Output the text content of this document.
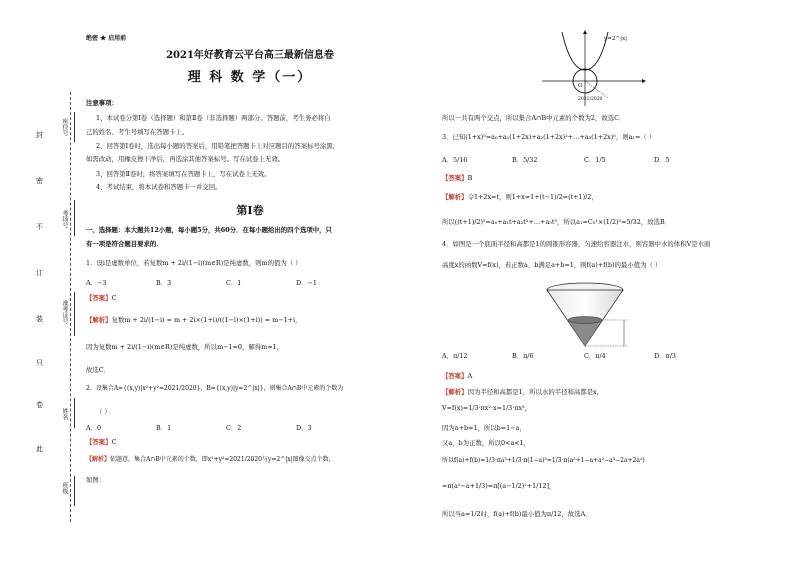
封
密
不
订
装
只
卷
此
座位号
考场号
准考证号
姓名
班级
绝密 ★ 启用前
2021年好教育云平台高三最新信息卷
理 科 数 学（一）
注意事项：
1、本试卷分第Ⅰ卷（选择题）和第Ⅱ卷（非选择题）两部分。答题前，考生务必将自
己的姓名、考生号填写在答题卡上。
2、回答第Ⅰ卷时，选出每小题的答案后，用铅笔把答题卡上对应题目的答案标号涂黑，
如需改动，用橡皮擦干净后，再选涂其他答案标号。写在试卷上无效。
3、回答第Ⅱ卷时，将答案填写在答题卡上，写在试卷上无效。
4、考试结束，将本试卷和答题卡一并交回。
第Ⅰ卷
一、选择题：本大题共12小题，每小题5分，共60分．在每小题给出的四个选项中，只
有一项是符合题目要求的．
1．设i是虚数单位，若复数m + 2i/(1−i)(m∈R)是纯虚数，则m的值为（ ）
A．−3	B．3	C．1	D．−1
【答案】C
【解析】复数m + 2i/(1−i) = m + 2i×(1+i)/((1−i)×(1+i)) = m−1+i，
因为复数m + 2i/(1−i)(m∈R)是纯虚数，所以m−1=0，解得m=1，
故选C．
2．设集合A={(x,y)|x²+y²=2021/2020}，B={(x,y)|y=2^|x|}，则集合A∩B中元素的个数为
（ ）
A．0	B．1	C．2	D．3
【答案】C
【解析】依题意，集合A∩B中元素的个数，即x²+y²=2021/2020与y=2^|x|图像交点个数，
如图：
y=2^|x|
O
2021/2020
所以一共有两个交点，所以集合A∩B中元素的个数为2，故选C．
3．已知(1+x)⁵=a₀+a₁(1+2x)+a₂(1+2x)²+…+a₅(1+2x)⁵，则a₁=（ ）
A．5/16	B．5/32	C．1/5	D．5
【答案】B
【解析】令1+2x=t，则1+x=1+(t−1)/2=(t+1)/2，
所以((t+1)/2)⁵=a₀+a₁t+a₂t²+…+a₅t⁵，所以a₁=C₅¹×(1/2)⁵=5/32，故选B．
4．如图是一个底面半径和高都是1的圆锥形容器，匀速给容器注水，则容器中水的体积V是水面
高度x的函数V=f(x)，若正数a，b满足a+b=1，则f(a)+f(b)的最小值为（ ）
A．π/12	B．π/6	C．π/4	D．π/3
【答案】A
【解析】因为半径和高都是1，所以水的半径和高都是x，
V=f(x)=1/3·πx²·x=1/3·πx³，
因为a+b=1，所以b=1−a，
又a，b为正数，所以0<a<1，
所以f(a)+f(b)=1/3·πa³+1/3·π(1−a)³=1/3·π(a³+1−a+a²−a³−2a+2a²)
=π(a²−a+1/3)=π[(a−1/2)²+1/12]，
所以当a=1/2时，f(a)+f(b)最小值为π/12，故选A．
